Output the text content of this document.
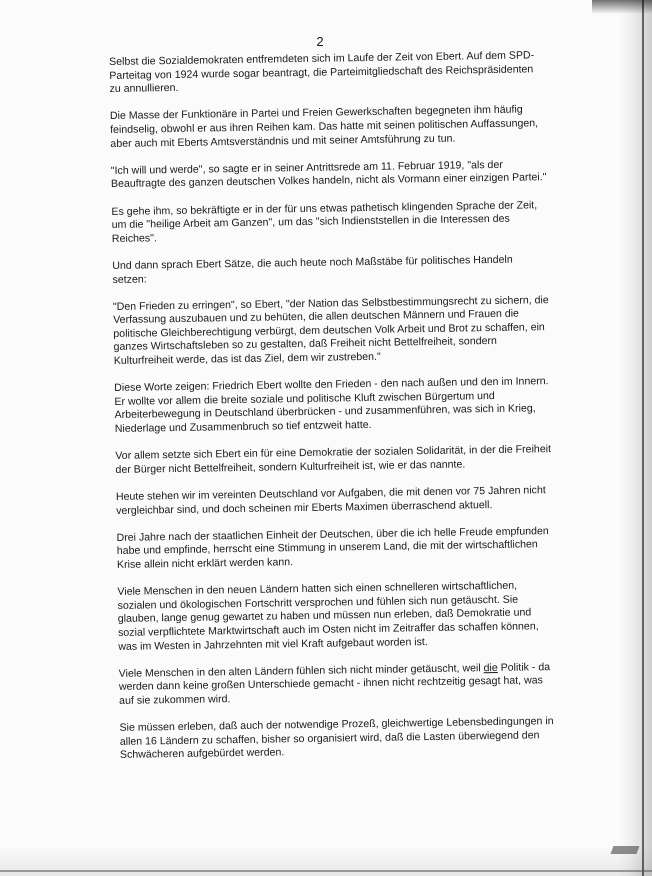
2

Selbst die Sozialdemokraten entfremdeten sich im Laufe der Zeit von Ebert. Auf dem SPD-Parteitag von 1924 wurde sogar beantragt, die Parteimitgliedschaft des Reichspräsidenten zu annullieren.

Die Masse der Funktionäre in Partei und Freien Gewerkschaften begegneten ihm häufig feindselig, obwohl er aus ihren Reihen kam. Das hatte mit seinen politischen Auffassungen, aber auch mit Eberts Amtsverständnis und mit seiner Amtsführung zu tun.

"Ich will und werde", so sagte er in seiner Antrittsrede am 11. Februar 1919, "als der Beauftragte des ganzen deutschen Volkes handeln, nicht als Vormann einer einzigen Partei."

Es gehe ihm, so bekräftigte er in der für uns etwas pathetisch klingenden Sprache der Zeit, um die "heilige Arbeit am Ganzen", um das "sich Indienststellen in die Interessen des Reiches".

Und dann sprach Ebert Sätze, die auch heute noch Maßstäbe für politisches Handeln setzen:

"Den Frieden zu erringen", so Ebert, "der Nation das Selbstbestimmungsrecht zu sichern, die Verfassung auszubauen und zu behüten, die allen deutschen Männern und Frauen die politische Gleichberechtigung verbürgt, dem deutschen Volk Arbeit und Brot zu schaffen, ein ganzes Wirtschaftsleben so zu gestalten, daß Freiheit nicht Bettelfreiheit, sondern Kulturfreiheit werde, das ist das Ziel, dem wir zustreben."

Diese Worte zeigen: Friedrich Ebert wollte den Frieden - den nach außen und den im Innern. Er wollte vor allem die breite soziale und politische Kluft zwischen Bürgertum und Arbeiterbewegung in Deutschland überbrücken - und zusammenführen, was sich in Krieg, Niederlage und Zusammenbruch so tief entzweit hatte.

Vor allem setzte sich Ebert ein für eine Demokratie der sozialen Solidarität, in der die Freiheit der Bürger nicht Bettelfreiheit, sondern Kulturfreiheit ist, wie er das nannte.

Heute stehen wir im vereinten Deutschland vor Aufgaben, die mit denen vor 75 Jahren nicht vergleichbar sind, und doch scheinen mir Eberts Maximen überraschend aktuell.

Drei Jahre nach der staatlichen Einheit der Deutschen, über die ich helle Freude empfunden habe und empfinde, herrscht eine Stimmung in unserem Land, die mit der wirtschaftlichen Krise allein nicht erklärt werden kann.

Viele Menschen in den neuen Ländern hatten sich einen schnelleren wirtschaftlichen, sozialen und ökologischen Fortschritt versprochen und fühlen sich nun getäuscht. Sie glauben, lange genug gewartet zu haben und müssen nun erleben, daß Demokratie und sozial verpflichtete Marktwirtschaft auch im Osten nicht im Zeitraffer das schaffen können, was im Westen in Jahrzehnten mit viel Kraft aufgebaut worden ist.

Viele Menschen in den alten Ländern fühlen sich nicht minder getäuscht, weil die Politik - da werden dann keine großen Unterschiede gemacht - ihnen nicht rechtzeitig gesagt hat, was auf sie zukommen wird.

Sie müssen erleben, daß auch der notwendige Prozeß, gleichwertige Lebensbedingungen in allen 16 Ländern zu schaffen, bisher so organisiert wird, daß die Lasten überwiegend den Schwächeren aufgebürdet werden.
